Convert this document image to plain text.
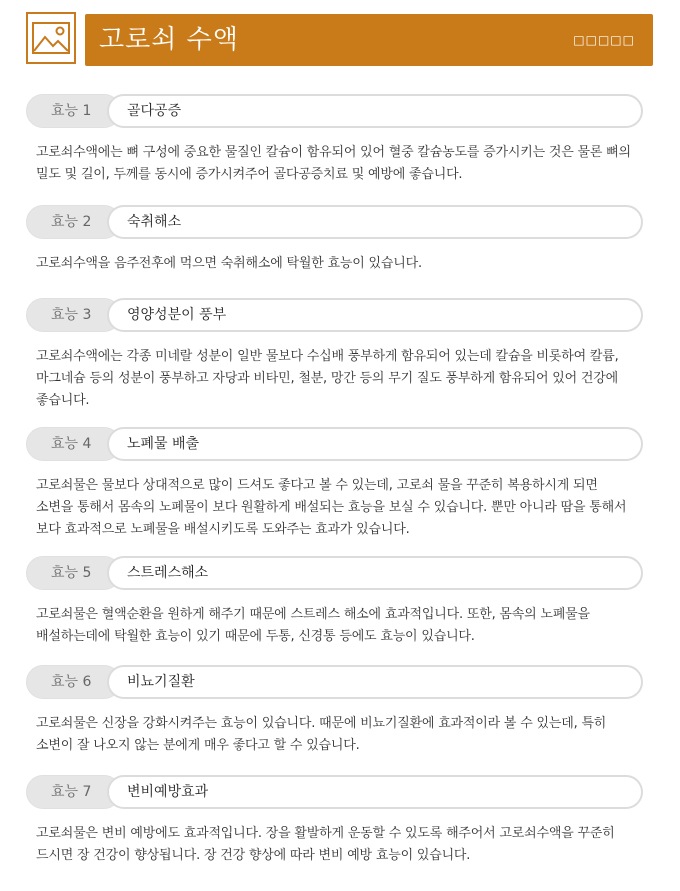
고로쇠 수액	□□□□□
효능 1	골다공증

고로쇠수액에는 뼈 구성에 중요한 물질인 칼슘이 함유되어 있어 혈중 칼슘농도를 증가시키는 것은 물론 뼈의 밀도 및 길이, 두께를 동시에 증가시켜주어 골다공증치료 및 예방에 좋습니다.

효능 2	숙취해소

고로쇠수액을 음주전후에 먹으면 숙취해소에 탁월한 효능이 있습니다.

효능 3	영양성분이 풍부

고로쇠수액에는 각종 미네랄 성분이 일반 물보다 수십배 풍부하게 함유되어 있는데 칼슘을 비롯하여 칼륨,마그네슘 등의 성분이 풍부하고 자당과 비타민, 철분, 망간 등의 무기 질도 풍부하게 함유되어 있어 건강에 좋습니다.

효능 4	노폐물 배출

고로쇠물은 물보다 상대적으로 많이 드셔도 좋다고 볼 수 있는데, 고로쇠 물을 꾸준히 복용하시게 되면 소변을 통해서 몸속의 노폐물이 보다 원활하게 배설되는 효능을 보실 수 있습니다. 뿐만 아니라 땀을 통해서 보다 효과적으로 노폐물을 배설시키도록 도와주는 효과가 있습니다.

효능 5	스트레스해소

고로쇠물은 혈액순환을 원하게 해주기 때문에 스트레스 해소에 효과적입니다. 또한, 몸속의 노폐물을 배설하는데에 탁월한 효능이 있기 때문에 두통, 신경통 등에도 효능이 있습니다.

효능 6	비뇨기질환

고로쇠물은 신장을 강화시켜주는 효능이 있습니다. 때문에 비뇨기질환에 효과적이라 볼 수 있는데, 특히 소변이 잘 나오지 않는 분에게 매우 좋다고 할 수 있습니다.

효능 7	변비예방효과

고로쇠물은 변비 예방에도 효과적입니다. 장을 활발하게 운동할 수 있도록 해주어서 고로쇠수액을 꾸준히 드시면 장 건강이 향상됩니다. 장 건강 향상에 따라 변비 예방 효능이 있습니다.
